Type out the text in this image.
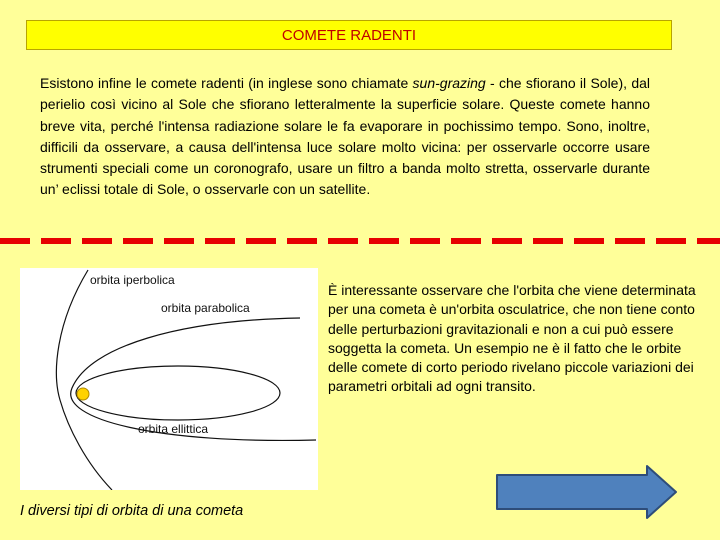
COMETE RADENTI

Esistono infine le comete radenti (in inglese sono chiamate sun-grazing - che sfiorano il Sole), dal perielio così vicino al Sole che sfiorano letteralmente la superficie solare. Queste comete hanno breve vita, perché l'intensa radiazione solare le fa evaporare in pochissimo tempo. Sono, inoltre, difficili da osservare, a causa dell'intensa luce solare molto vicina: per osservarle occorre usare strumenti speciali come un coronografo, usare un filtro a banda molto stretta, osservarle durante un’ eclissi totale di Sole, o osservarle con un satellite.

orbita iperbolica
orbita parabolica
orbita ellittica
I diversi tipi di orbita di una cometa

È interessante osservare che l'orbita che viene determinata per una cometa è un'orbita osculatrice, che non tiene conto delle perturbazioni gravitazionali e non a cui può essere soggetta la cometa. Un esempio ne è il fatto che le orbite delle comete di corto periodo rivelano piccole variazioni dei parametri orbitali ad ogni transito.
